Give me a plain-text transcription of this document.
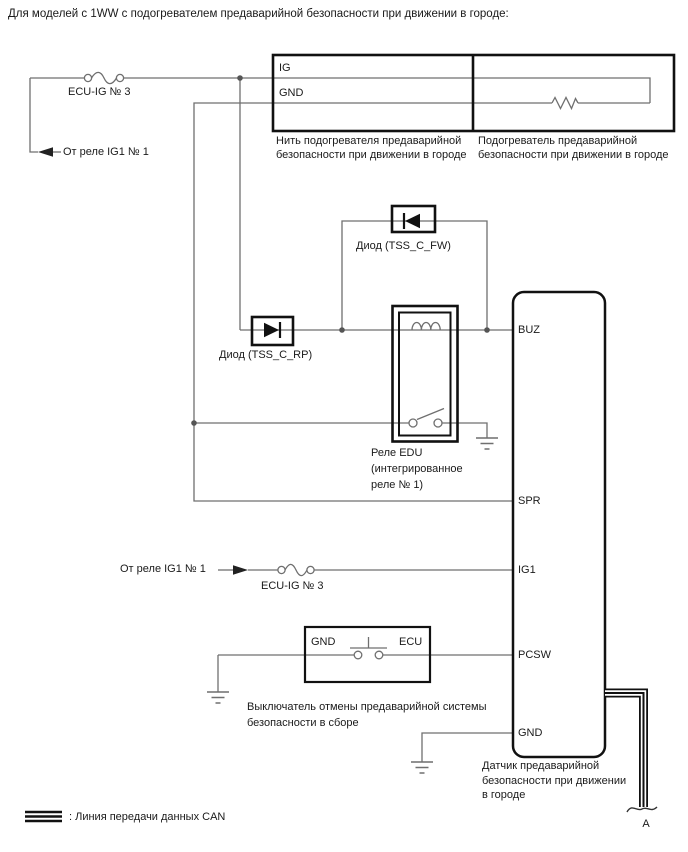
Для моделей с 1WW с подогревателем предаварийной безопасности при движении в городе:
ECU-IG № 3
От реле IG1 № 1
IG
GND
Нить подогревателя предаварийной
безопасности при движении в городе
Подогреватель предаварийной
безопасности при движении в городе
Диод (TSS_C_FW)
Диод (TSS_C_RP)
Реле EDU
(интегрированное
реле № 1)
От реле IG1 № 1
ECU-IG № 3
GND	ECU
Выключатель отмены предаварийной системы
безопасности в сборе
BUZ
SPR
IG1
PCSW
GND
Датчик предаварийной
безопасности при движении
в городе
A
: Линия передачи данных CAN
